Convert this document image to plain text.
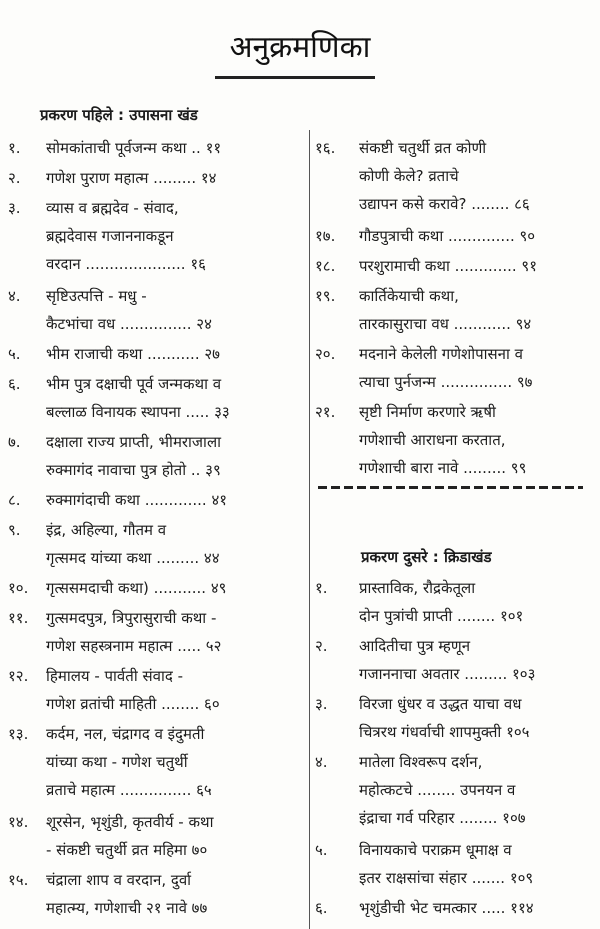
अनुक्रमणिका
प्रकरण पहिले : उपासना खंड
१. सोमकांताची पूर्वजन्म कथा .. ११
२. गणेश पुराण महात्म ......... १४
३. व्यास व ब्रह्मदेव - संवाद,
ब्रह्मदेवास गजाननाकडून
वरदान ..................... १६
४. सृष्टिउत्पत्ति - मधु -
कैटभांचा वध ............... २४
५. भीम राजाची कथा ........... २७
६. भीम पुत्र दक्षाची पूर्व जन्मकथा व
बल्लाळ विनायक स्थापना ..... ३३
७. दक्षाला राज्य प्राप्ती, भीमराजाला
रुक्मागंद नावाचा पुत्र होतो .. ३९
८. रुक्मागंदाची कथा ............. ४१
९. इंद्र, अहिल्या, गौतम व
गृत्समद यांच्या कथा ......... ४४
१०. गृत्ससमदाची कथा) ........... ४९
११. गुत्समदपुत्र, त्रिपुरासुराची कथा -
गणेश सहस्त्रनाम महात्म ..... ५२
१२. हिमालय - पार्वती संवाद -
गणेश व्रतांची माहिती ........ ६०
१३. कर्दम, नल, चंद्रागद व इंदुमती
यांच्या कथा - गणेश चतुर्थी
व्रताचे महात्म ............... ६५
१४. शूरसेन, भृशुंडी, कृतवीर्य - कथा
- संकष्टी चतुर्थी व्रत महिमा ७०
१५. चंद्राला शाप व वरदान, दुर्वा
महात्म्य, गणेशाची २१ नावे ७७
१६. संकष्टी चतुर्थी व्रत कोणी
कोणी केले? व्रताचे
उद्यापन कसे करावे? ........ ८६
१७. गौडपुत्राची कथा .............. ९०
१८. परशुरामाची कथा ............. ९१
१९. कार्तिकेयाची कथा,
तारकासुराचा वध ............ ९४
२०. मदनाने केलेली गणेशोपासना व
त्याचा पुर्नजन्म ............... ९७
२१. सृष्टी निर्माण करणारे ऋषी
गणेशाची आराधना करतात,
गणेशाची बारा नावे ......... ९९
प्रकरण दुसरे : क्रिडाखंड
१. प्रास्ताविक, रौद्रकेतूला
दोन पुत्रांची प्राप्ती ........ १०१
२. आदितीचा पुत्र म्हणून
गजाननाचा अवतार ......... १०३
३. विरजा धुंधर व उद्धत याचा वध
चित्ररथ गंधर्वाची शापमुक्ती १०५
४. मातेला विश्वरूप दर्शन,
महोत्कटचे ........ उपनयन व
इंद्राचा गर्व परिहार ........ १०७
५. विनायकाचे पराक्रम धूमाक्ष व
इतर राक्षसांचा संहार ....... १०९
६. भृशुंडीची भेट चमत्कार ..... ११४
